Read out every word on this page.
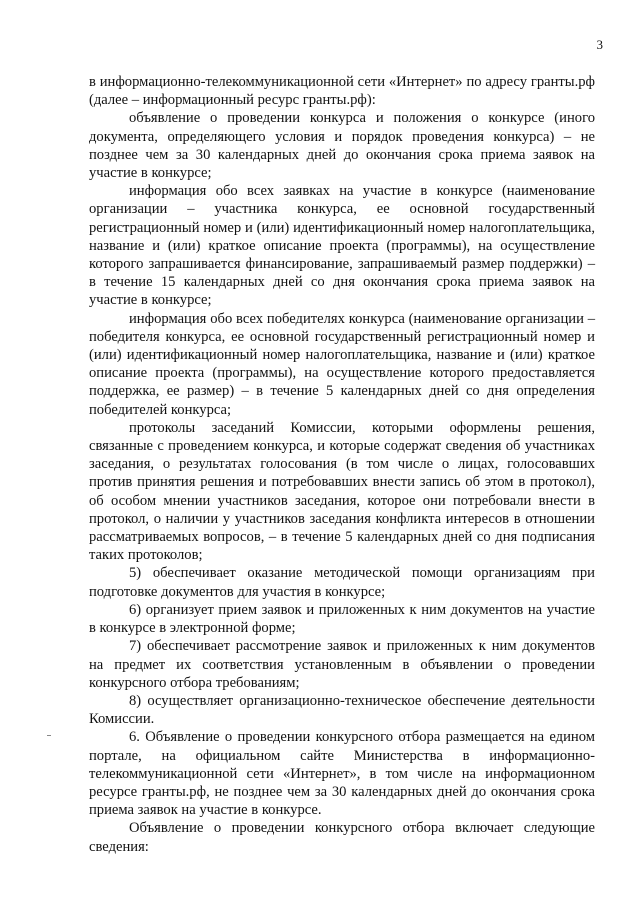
3

в информационно-телекоммуникационной сети «Интернет» по адресу гранты.рф (далее – информационный ресурс гранты.рф):

объявление о проведении конкурса и положения о конкурсе (иного документа, определяющего условия и порядок проведения конкурса) – не позднее чем за 30 календарных дней до окончания срока приема заявок на участие в конкурсе;

информация обо всех заявках на участие в конкурсе (наименование организации – участника конкурса, ее основной государственный регистрационный номер и (или) идентификационный номер налогоплательщика, название и (или) краткое описание проекта (программы), на осуществление которого запрашивается финансирование, запрашиваемый размер поддержки) – в течение 15 календарных дней со дня окончания срока приема заявок на участие в конкурсе;

информация обо всех победителях конкурса (наименование организации – победителя конкурса, ее основной государственный регистрационный номер и (или) идентификационный номер налогоплательщика, название и (или) краткое описание проекта (программы), на осуществление которого предоставляется поддержка, ее размер) – в течение 5 календарных дней со дня определения победителей конкурса;

протоколы заседаний Комиссии, которыми оформлены решения, связанные с проведением конкурса, и которые содержат сведения об участниках заседания, о результатах голосования (в том числе о лицах, голосовавших против принятия решения и потребовавших внести запись об этом в протокол), об особом мнении участников заседания, которое они потребовали внести в протокол, о наличии у участников заседания конфликта интересов в отношении рассматриваемых вопросов, – в течение 5 календарных дней со дня подписания таких протоколов;

5) обеспечивает оказание методической помощи организациям при подготовке документов для участия в конкурсе;

6) организует прием заявок и приложенных к ним документов на участие в конкурсе в электронной форме;

7) обеспечивает рассмотрение заявок и приложенных к ним документов на предмет их соответствия установленным в объявлении о проведении конкурсного отбора требованиям;

8) осуществляет организационно-техническое обеспечение деятельности Комиссии.

6. Объявление о проведении конкурсного отбора размещается на едином портале, на официальном сайте Министерства в информационно-телекоммуникационной сети «Интернет», в том числе на информационном ресурсе гранты.рф, не позднее чем за 30 календарных дней до окончания срока приема заявок на участие в конкурсе.

Объявление о проведении конкурсного отбора включает следующие сведения:
